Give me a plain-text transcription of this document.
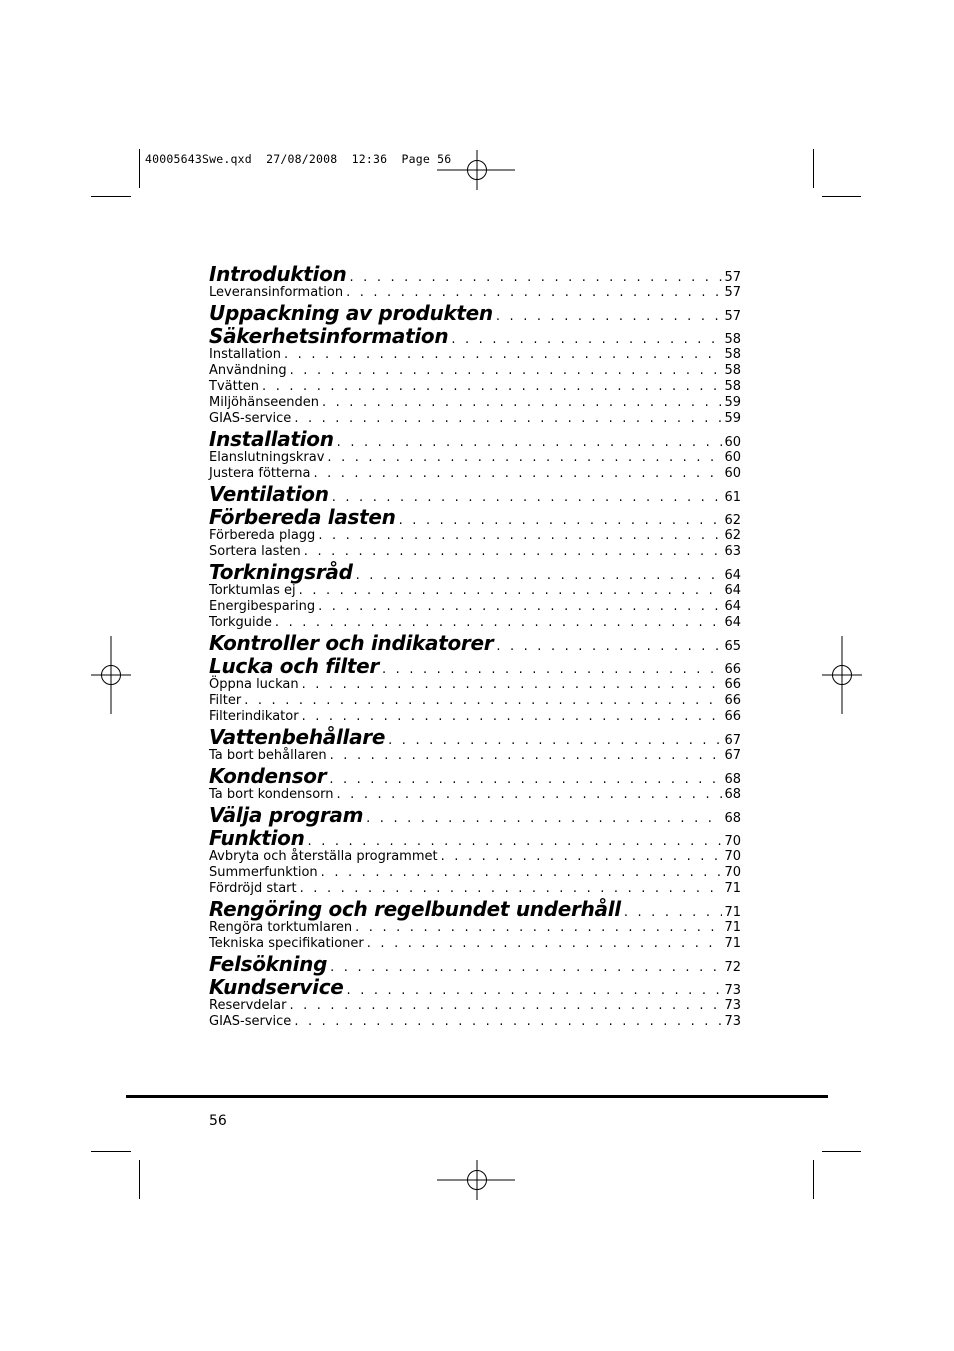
40005643Swe.qxd  27/08/2008  12:36  Page 56
Introduktion . . .	57
Leveransinformation . . .	57
Uppackning av produkten . . .	57
Säkerhetsinformation . . .	58
Installation . . .	58
Användning . . .	58
Tvätten . . .	58
Miljöhänseenden . . .	59
GIAS-service . . .	59
Installation . . .	60
Elanslutningskrav . . .	60
Justera fötterna . . .	60
Ventilation . . .	61
Förbereda lasten . . .	62
Förbereda plagg . . .	62
Sortera lasten . . .	63
Torkningsråd . . .	64
Torktumlas ej . . .	64
Energibesparing . . .	64
Torkguide . . .	64
Kontroller och indikatorer . . .	65
Lucka och filter . . .	66
Öppna luckan . . .	66
Filter . . .	66
Filterindikator . . .	66
Vattenbehållare . . .	67
Ta bort behållaren . . .	67
Kondensor . . .	68
Ta bort kondensorn . . .	68
Välja program . . .	68
Funktion . . .	70
Avbryta och återställa programmet . . .	70
Summerfunktion . . .	70
Fördröjd start . . .	71
Rengöring och regelbundet underhåll . . .	71
Rengöra torktumlaren . . .	71
Tekniska specifikationer . . .	71
Felsökning . . .	72
Kundservice . . .	73
Reservdelar . . .	73
GIAS-service . . .	73
56
